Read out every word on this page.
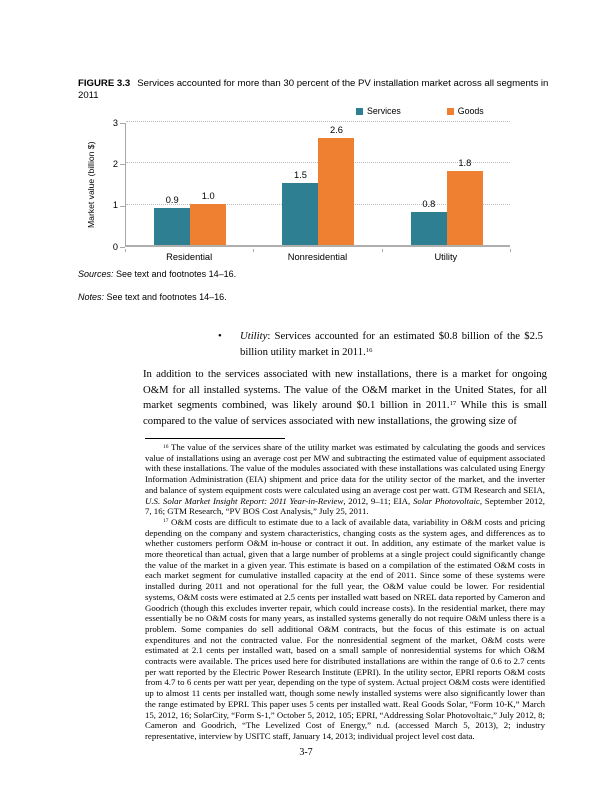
FIGURE 3.3 Services accounted for more than 30 percent of the PV installation market across all segments in 2011
Services	Goods
Market value (billion $)
0
1
2
3
0.9	1.0
1.5
2.6
0.8
1.8
Residential	Nonresidential	Utility
Sources: See text and footnotes 14–16.
Notes: See text and footnotes 14–16.
• Utility: Services accounted for an estimated $0.8 billion of the $2.5 billion utility market in 2011.16
In addition to the services associated with new installations, there is a market for ongoing O&M for all installed systems. The value of the O&M market in the United States, for all market segments combined, was likely around $0.1 billion in 2011.17 While this is small compared to the value of services associated with new installations, the growing size of

$^{16}$ The value of the services share of the utility market was estimated by calculating the goods and services value of installations using an average cost per MW and subtracting the estimated value of equipment associated with these installations. The value of the modules associated with these installations was calculated using Energy Information Administration (EIA) shipment and price data for the utility sector of the market, and the inverter and balance of system equipment costs were calculated using an average cost per watt. GTM Research and SEIA, U.S. Solar Market Insight Report: 2011 Year-in-Review, 2012, 9–11; EIA, Solar Photovoltaic, September 2012, 7, 16; GTM Research, “PV BOS Cost Analysis,” July 25, 2011.

$^{17}$ O&M costs are difficult to estimate due to a lack of available data, variability in O&M costs and pricing depending on the company and system characteristics, changing costs as the system ages, and differences as to whether customers perform O&M in-house or contract it out. In addition, any estimate of the market value is more theoretical than actual, given that a large number of problems at a single project could significantly change the value of the market in a given year. This estimate is based on a compilation of the estimated O&M costs in each market segment for cumulative installed capacity at the end of 2011. Since some of these systems were installed during 2011 and not operational for the full year, the O&M value could be lower. For residential systems, O&M costs were estimated at 2.5 cents per installed watt based on NREL data reported by Cameron and Goodrich (though this excludes inverter repair, which could increase costs). In the residential market, there may essentially be no O&M costs for many years, as installed systems generally do not require O&M unless there is a problem. Some companies do sell additional O&M contracts, but the focus of this estimate is on actual expenditures and not the contracted value. For the nonresidential segment of the market, O&M costs were estimated at 2.1 cents per installed watt, based on a small sample of nonresidential systems for which O&M contracts were available. The prices used here for distributed installations are within the range of 0.6 to 2.7 cents per watt reported by the Electric Power Research Institute (EPRI). In the utility sector, EPRI reports O&M costs from 4.7 to 6 cents per watt per year, depending on the type of system. Actual project O&M costs were identified up to almost 11 cents per installed watt, though some newly installed systems were also significantly lower than the range estimated by EPRI. This paper uses 5 cents per installed watt. Real Goods Solar, “Form 10-K,” March 15, 2012, 16; SolarCity, “Form S-1,” October 5, 2012, 105; EPRI, “Addressing Solar Photovoltaic,” July 2012, 8; Cameron and Goodrich, “The Levelized Cost of Energy,” n.d. (accessed March 5, 2013), 2; industry representative, interview by USITC staff, January 14, 2013; individual project level cost data.

3-7
